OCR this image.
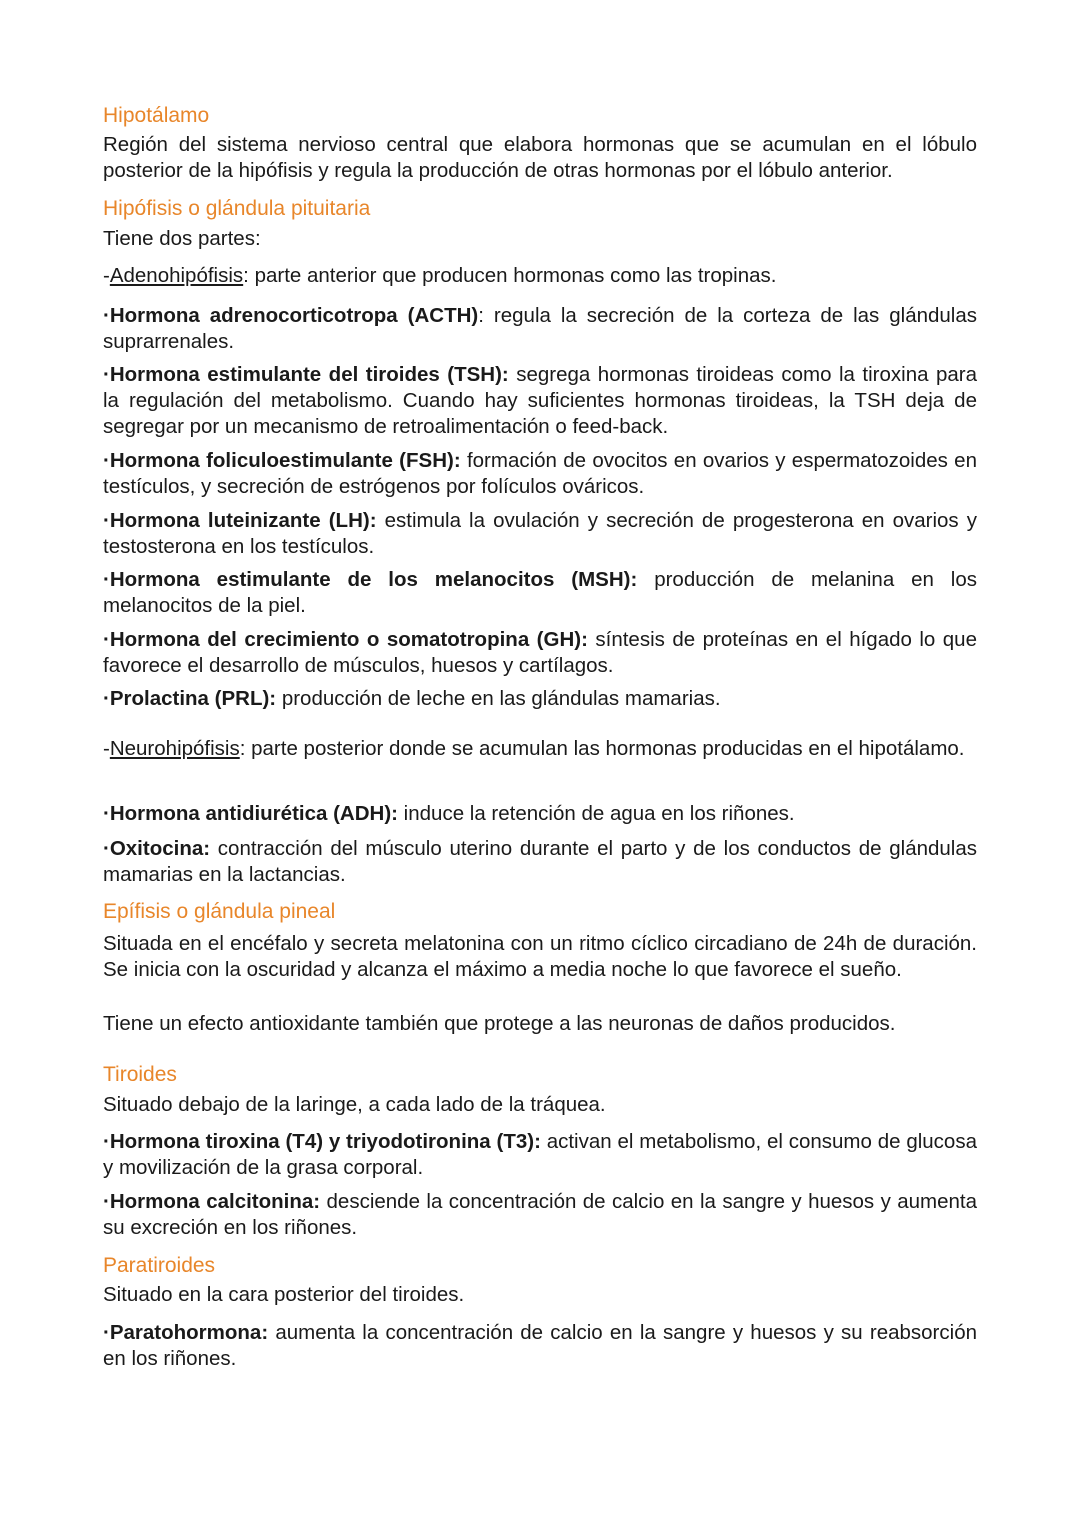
Hipotálamo

Región del sistema nervioso central que elabora hormonas que se acumulan en el lóbulo posterior de la hipófisis y regula la producción de otras hormonas por el lóbulo anterior.

Hipófisis o glándula pituitaria

Tiene dos partes:

-Adenohipófisis: parte anterior que producen hormonas como las tropinas.

·Hormona adrenocorticotropa (ACTH): regula la secreción de la corteza de las glándulas suprarrenales.

·Hormona estimulante del tiroides (TSH): segrega hormonas tiroideas como la tiroxina para la regulación del metabolismo. Cuando hay suficientes hormonas tiroideas, la TSH deja de segregar por un mecanismo de retroalimentación o feed-back.

·Hormona foliculoestimulante (FSH): formación de ovocitos en ovarios y espermatozoides en testículos, y secreción de estrógenos por folículos ováricos.

·Hormona luteinizante (LH): estimula la ovulación y secreción de progesterona en ovarios y testosterona en los testículos.

·Hormona estimulante de los melanocitos (MSH): producción de melanina en los melanocitos de la piel.

·Hormona del crecimiento o somatotropina (GH): síntesis de proteínas en el hígado lo que favorece el desarrollo de músculos, huesos y cartílagos.

·Prolactina (PRL): producción de leche en las glándulas mamarias.

-Neurohipófisis: parte posterior donde se acumulan las hormonas producidas en el hipotálamo.

·Hormona antidiurética (ADH): induce la retención de agua en los riñones.

·Oxitocina: contracción del músculo uterino durante el parto y de los conductos de glándulas mamarias en la lactancias.

Epífisis o glándula pineal

Situada en el encéfalo y secreta melatonina con un ritmo cíclico circadiano de 24h de duración. Se inicia con la oscuridad y alcanza el máximo a media noche lo que favorece el sueño.

Tiene un efecto antioxidante también que protege a las neuronas de daños producidos.

Tiroides

Situado debajo de la laringe, a cada lado de la tráquea.

·Hormona tiroxina (T4) y triyodotironina (T3): activan el metabolismo, el consumo de glucosa y movilización de la grasa corporal.

·Hormona calcitonina: desciende la concentración de calcio en la sangre y huesos y aumenta su excreción en los riñones.

Paratiroides

Situado en la cara posterior del tiroides.

·Paratohormona: aumenta la concentración de calcio en la sangre y huesos y su reabsorción en los riñones.
